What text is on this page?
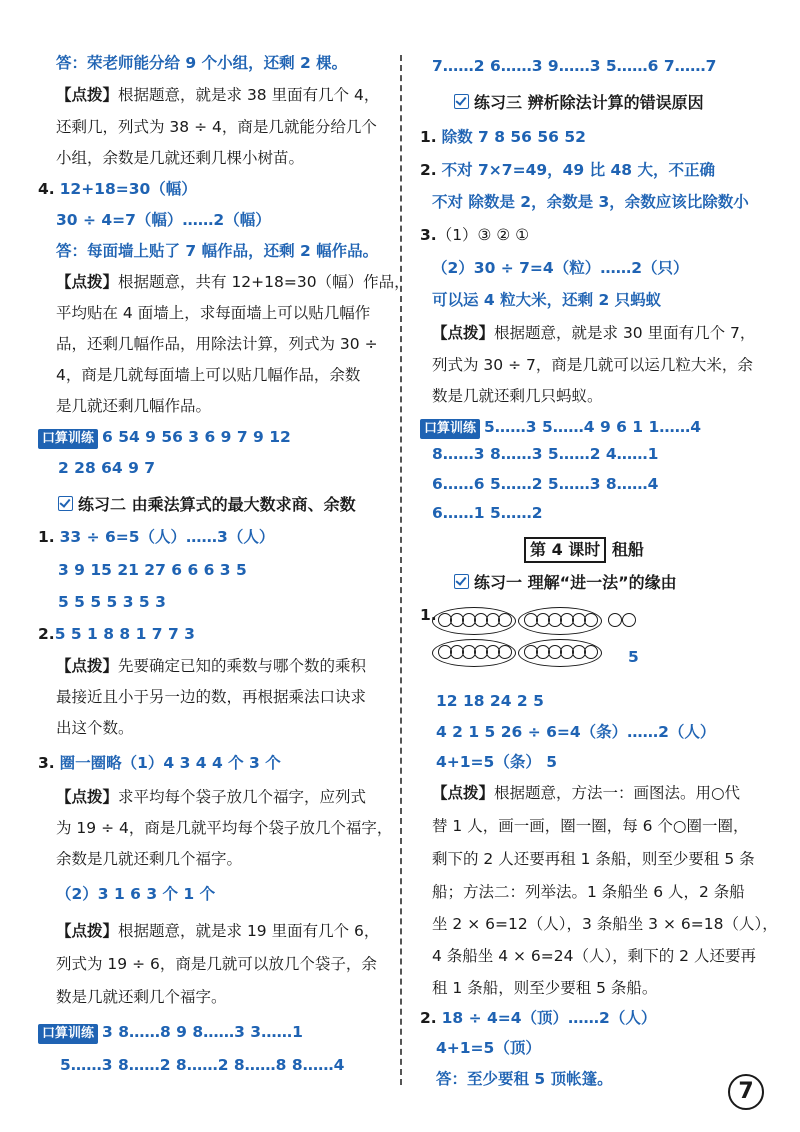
答：荣老师能分给 9 个小组，还剩 2 棵。
【点拨】根据题意，就是求 38 里面有几个 4，
还剩几，列式为 38 ÷ 4，商是几就能分给几个
小组，余数是几就还剩几棵小树苗。
4. 12+18=30（幅）
30 ÷ 4=7（幅）……2（幅）
答：每面墙上贴了 7 幅作品，还剩 2 幅作品。
【点拨】根据题意，共有 12+18=30（幅）作品，
平均贴在 4 面墙上，求每面墙上可以贴几幅作
品，还剩几幅作品，用除法计算，列式为 30 ÷
4，商是几就每面墙上可以贴几幅作品，余数
是几就还剩几幅作品。
口算训练 6 54 9 56 3 6 9 7 9 12
2 28 64 9 7
练习二 由乘法算式的最大数求商、余数
1. 33 ÷ 6=5（人）……3（人）
3 9 15 21 27 6 6 6 3 5
5 5 5 5 3 5 3
2.5 5 1 8 8 1 7 7 3
【点拨】先要确定已知的乘数与哪个数的乘积
最接近且小于另一边的数，再根据乘法口诀求
出这个数。
3. 圈一圈略（1）4 3 4 4 个 3 个
【点拨】求平均每个袋子放几个福字，应列式
为 19 ÷ 4，商是几就平均每个袋子放几个福字，
余数是几就还剩几个福字。
（2）3 1 6 3 个 1 个
【点拨】根据题意，就是求 19 里面有几个 6，
列式为 19 ÷ 6，商是几就可以放几个袋子，余
数是几就还剩几个福字。
口算训练 3 8……8 9 8……3 3……1
5……3 8……2 8……2 8……8 8……4
7……2 6……3 9……3 5……6 7……7
练习三 辨析除法计算的错误原因
1. 除数 7 8 56 56 52
2. 不对 7×7=49，49 比 48 大，不正确
不对 除数是 2，余数是 3，余数应该比除数小
3.（1）③ ② ①
（2）30 ÷ 7=4（粒）……2（只）
可以运 4 粒大米，还剩 2 只蚂蚁
【点拨】根据题意，就是求 30 里面有几个 7，
列式为 30 ÷ 7，商是几就可以运几粒大米，余
数是几就还剩几只蚂蚁。
口算训练 5……3 5……4 9 6 1 1……4
8……3 8……3 5……2 4……1
6……6 5……2 5……3 8……4
6……1 5……2
第 4 课时 租船
练习一 理解“进一法”的缘由
1.
5
12 18 24 2 5
4 2 1 5 26 ÷ 6=4（条）……2（人）
4+1=5（条） 5
【点拨】根据题意，方法一：画图法。用○代
替 1 人，画一画，圈一圈，每 6 个○圈一圈，
剩下的 2 人还要再租 1 条船，则至少要租 5 条
船；方法二：列举法。1 条船坐 6 人，2 条船
坐 2 × 6=12（人），3 条船坐 3 × 6=18（人），
4 条船坐 4 × 6=24（人），剩下的 2 人还要再
租 1 条船，则至少要租 5 条船。
2. 18 ÷ 4=4（顶）……2（人）
4+1=5（顶）
答：至少要租 5 顶帐篷。	7
